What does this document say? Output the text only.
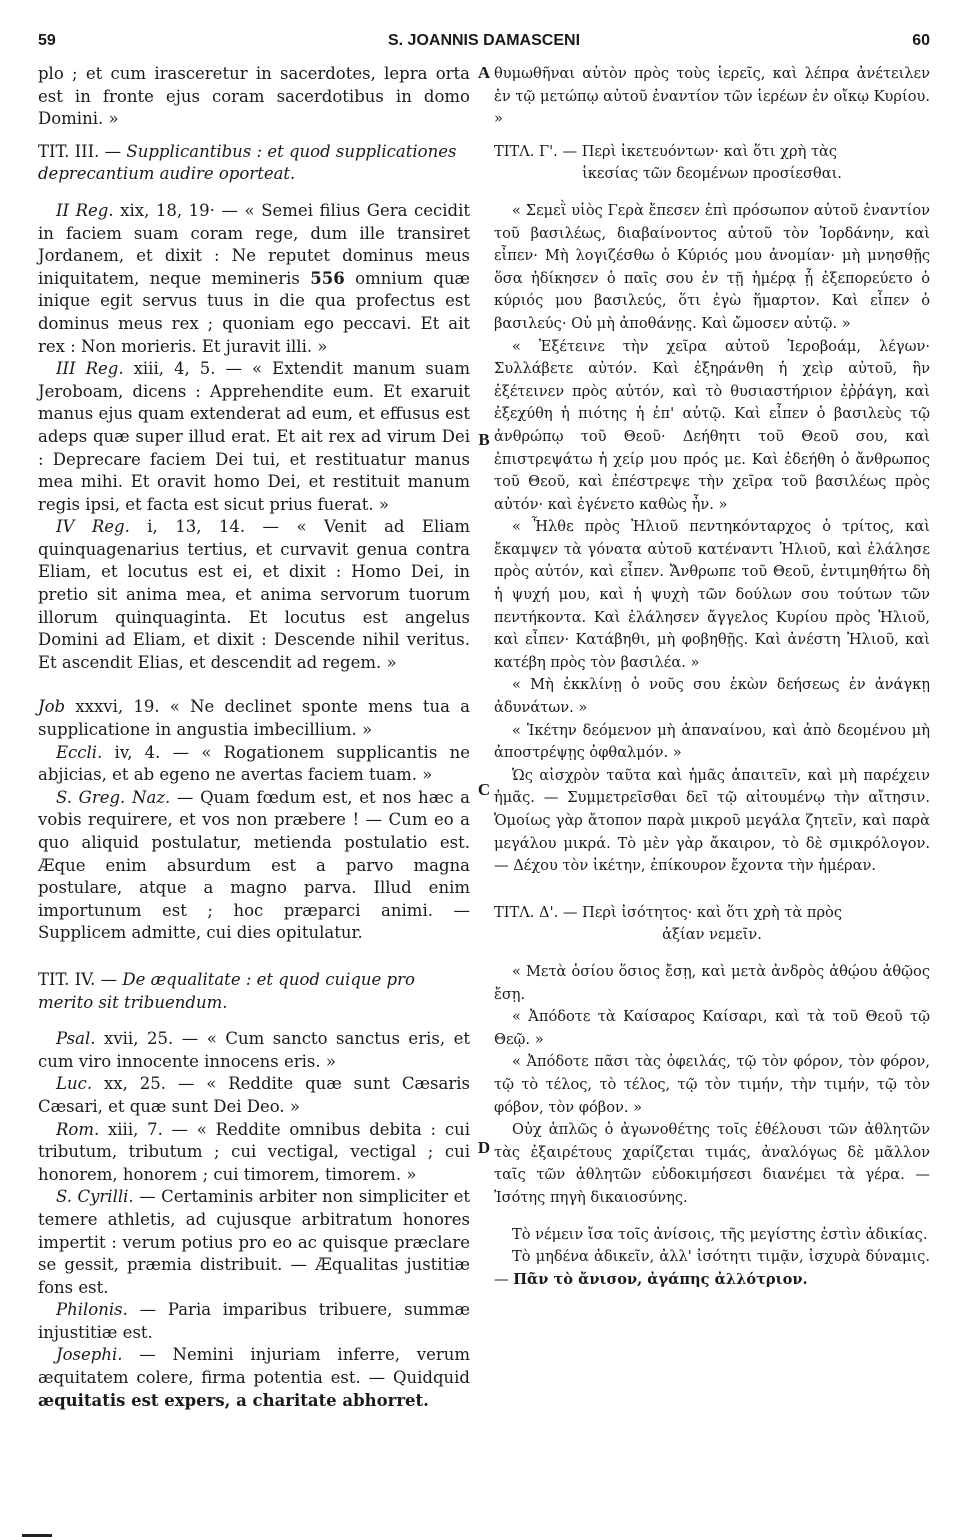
59	S. JOANNIS DAMASCENI	60

plo ; et cum irasceretur in sacerdotes, lepra orta est in fronte ejus coram sacerdotibus in domo Domini. »

TIT. III. — Supplicantibus : et quod supplicationes deprecantium audire oporteat.

II Reg. xix, 18, 19· — « Semei filius Gera cecidit in faciem suam coram rege, dum ille transiret Jordanem, et dixit : Ne reputet dominus meus iniquitatem, neque memineris 556 omnium quæ inique egit servus tuus in die qua profectus est dominus meus rex ; quoniam ego peccavi. Et ait rex : Non morieris. Et juravit illi. »

III Reg. xiii, 4, 5. — « Extendit manum suam Jeroboam, dicens : Apprehendite eum. Et exaruit manus ejus quam extenderat ad eum, et effusus est adeps quæ super illud erat. Et ait rex ad virum Dei : Deprecare faciem Dei tui, et restituatur manus mea mihi. Et oravit homo Dei, et restituit manum regis ipsi, et facta est sicut prius fuerat. »

IV Reg. i, 13, 14. — « Venit ad Eliam quinquagenarius tertius, et curvavit genua contra Eliam, et locutus est ei, et dixit : Homo Dei, in pretio sit anima mea, et anima servorum tuorum illorum quinquaginta. Et locutus est angelus Domini ad Eliam, et dixit : Descende nihil veritus. Et ascendit Elias, et descendit ad regem. »

Job xxxvi, 19. « Ne declinet sponte mens tua a supplicatione in angustia imbecillium. »

Eccli. iv, 4. — « Rogationem supplicantis ne abjicias, et ab egeno ne avertas faciem tuam. »

S. Greg. Naz. — Quam fœdum est, et nos hæc a vobis requirere, et vos non præbere ! — Cum eo a quo aliquid postulatur, metienda postulatio est. Æque enim absurdum est a parvo magna postulare, atque a magno parva. Illud enim importunum est ; hoc præparci animi. — Supplicem admitte, cui dies opitulatur.

TIT. IV. — De æqualitate : et quod cuique pro merito sit tribuendum.

Psal. xvii, 25. — « Cum sancto sanctus eris, et cum viro innocente innocens eris. »

Luc. xx, 25. — « Reddite quæ sunt Cæsaris Cæsari, et quæ sunt Dei Deo. »

Rom. xiii, 7. — « Reddite omnibus debita : cui tributum, tributum ; cui vectigal, vectigal ; cui honorem, honorem ; cui timorem, timorem. »

S. Cyrilli. — Certaminis arbiter non simpliciter et temere athletis, ad cujusque arbitratum honores impertit : verum potius pro eo ac quisque præclare se gessit, præmia distribuit. — Æqualitas justitiæ fons est.

Philonis. — Paria imparibus tribuere, summæ injustitiæ est.

Josephi. — Nemini injuriam inferre, verum æquitatem colere, firma potentia est. — Quidquid æquitatis est expers, a charitate abhorret.

A
B
C
D

θυμωθῆναι αὐτὸν πρὸς τοὺς ἱερεῖς, καὶ λέπρα ἀνέτειλεν ἐν τῷ μετώπῳ αὐτοῦ ἐναντίον τῶν ἱερέων ἐν οἴκῳ Κυρίου. »

ΤΙΤΛ. Γ'. — Περὶ ἱκετευόντων· καὶ ὅτι χρὴ τὰς
ἱκεσίας τῶν δεομένων προσίεσθαι.

« Σεμεῒ υἱὸς Γερὰ ἔπεσεν ἐπὶ πρόσωπον αὐτοῦ ἐναντίον τοῦ βασιλέως, διαβαίνοντος αὐτοῦ τὸν Ἰορδάνην, καὶ εἶπεν· Μὴ λογιζέσθω ὁ Κύριός μου ἀνομίαν· μὴ μνησθῇς ὅσα ἠδίκησεν ὁ παῖς σου ἐν τῇ ἡμέρᾳ ᾗ ἐξεπορεύετο ὁ κύριός μου βασιλεύς, ὅτι ἐγὼ ἥμαρτον. Καὶ εἶπεν ὁ βασιλεύς· Οὐ μὴ ἀποθάνῃς. Καὶ ὤμοσεν αὐτῷ. »

« Ἐξέτεινε τὴν χεῖρα αὐτοῦ Ἱεροβοάμ, λέγων· Συλλάβετε αὐτόν. Καὶ ἐξηράνθη ἡ χεὶρ αὐτοῦ, ἣν ἐξέτεινεν πρὸς αὐτόν, καὶ τὸ θυσιαστήριον ἐῤῥάγη, καὶ ἐξεχύθη ἡ πιότης ἡ ἐπ' αὐτῷ. Καὶ εἶπεν ὁ βασιλεὺς τῷ ἀνθρώπῳ τοῦ Θεοῦ· Δεήθητι τοῦ Θεοῦ σου, καὶ ἐπιστρεψάτω ἡ χείρ μου πρός με. Καὶ ἐδεήθη ὁ ἄνθρωπος τοῦ Θεοῦ, καὶ ἐπέστρεψε τὴν χεῖρα τοῦ βασιλέως πρὸς αὐτόν· καὶ ἐγένετο καθὼς ἦν. »

« Ἦλθε πρὸς Ἠλιοῦ πεντηκόνταρχος ὁ τρίτος, καὶ ἔκαμψεν τὰ γόνατα αὐτοῦ κατέναντι Ἠλιοῦ, καὶ ἐλάλησε πρὸς αὐτόν, καὶ εἶπεν. Ἄνθρωπε τοῦ Θεοῦ, ἐντιμηθήτω δὴ ἡ ψυχή μου, καὶ ἡ ψυχὴ τῶν δούλων σου τούτων τῶν πεντήκοντα. Καὶ ἐλάλησεν ἄγγελος Κυρίου πρὸς Ἠλιοῦ, καὶ εἶπεν· Κατάβηθι, μὴ φοβηθῇς. Καὶ ἀνέστη Ἠλιοῦ, καὶ κατέβη πρὸς τὸν βασιλέα. »

« Μὴ ἐκκλίνῃ ὁ νοῦς σου ἑκὼν δεήσεως ἐν ἀνάγκῃ ἀδυνάτων. »

« Ἱκέτην δεόμενον μὴ ἀπαναίνου, καὶ ἀπὸ δεομένου μὴ ἀποστρέψῃς ὀφθαλμόν. »

Ὡς αἰσχρὸν ταῦτα καὶ ἡμᾶς ἀπαιτεῖν, καὶ μὴ παρέχειν ἡμᾶς. — Συμμετρεῖσθαι δεῖ τῷ αἰτουμένῳ τὴν αἴτησιν. Ὁμοίως γὰρ ἄτοπον παρὰ μικροῦ μεγάλα ζητεῖν, καὶ παρὰ μεγάλου μικρά. Τὸ μὲν γὰρ ἄκαιρον, τὸ δὲ σμικρόλογον. — Δέχου τὸν ἱκέτην, ἐπίκουρον ἔχοντα τὴν ἡμέραν.

ΤΙΤΛ. Δ'. — Περὶ ἰσότητος· καὶ ὅτι χρὴ τὰ πρὸς
ἀξίαν νεμεῖν.

« Μετὰ ὁσίου ὅσιος ἔσῃ, καὶ μετὰ ἀνδρὸς ἀθῴου ἀθῷος ἔσῃ.

« Ἀπόδοτε τὰ Καίσαρος Καίσαρι, καὶ τὰ τοῦ Θεοῦ τῷ Θεῷ. »

« Ἀπόδοτε πᾶσι τὰς ὀφειλάς, τῷ τὸν φόρον, τὸν φόρον, τῷ τὸ τέλος, τὸ τέλος, τῷ τὸν τιμήν, τὴν τιμήν, τῷ τὸν φόβον, τὸν φόβον. »

Οὐχ ἁπλῶς ὁ ἀγωνοθέτης τοῖς ἐθέλουσι τῶν ἀθλητῶν τὰς ἐξαιρέτους χαρίζεται τιμάς, ἀναλόγως δὲ μᾶλλον ταῖς τῶν ἀθλητῶν εὐδοκιμήσεσι διανέμει τὰ γέρα. — Ἰσότης πηγὴ δικαιοσύνης.

Τὸ νέμειν ἴσα τοῖς ἀνίσοις, τῆς μεγίστης ἐστὶν ἀδικίας.

Τὸ μηδένα ἀδικεῖν, ἀλλ' ἰσότητι τιμᾷν, ἰσχυρὰ δύναμις. — Πᾶν τὸ ἄνισον, ἀγάπης ἀλλότριον.
